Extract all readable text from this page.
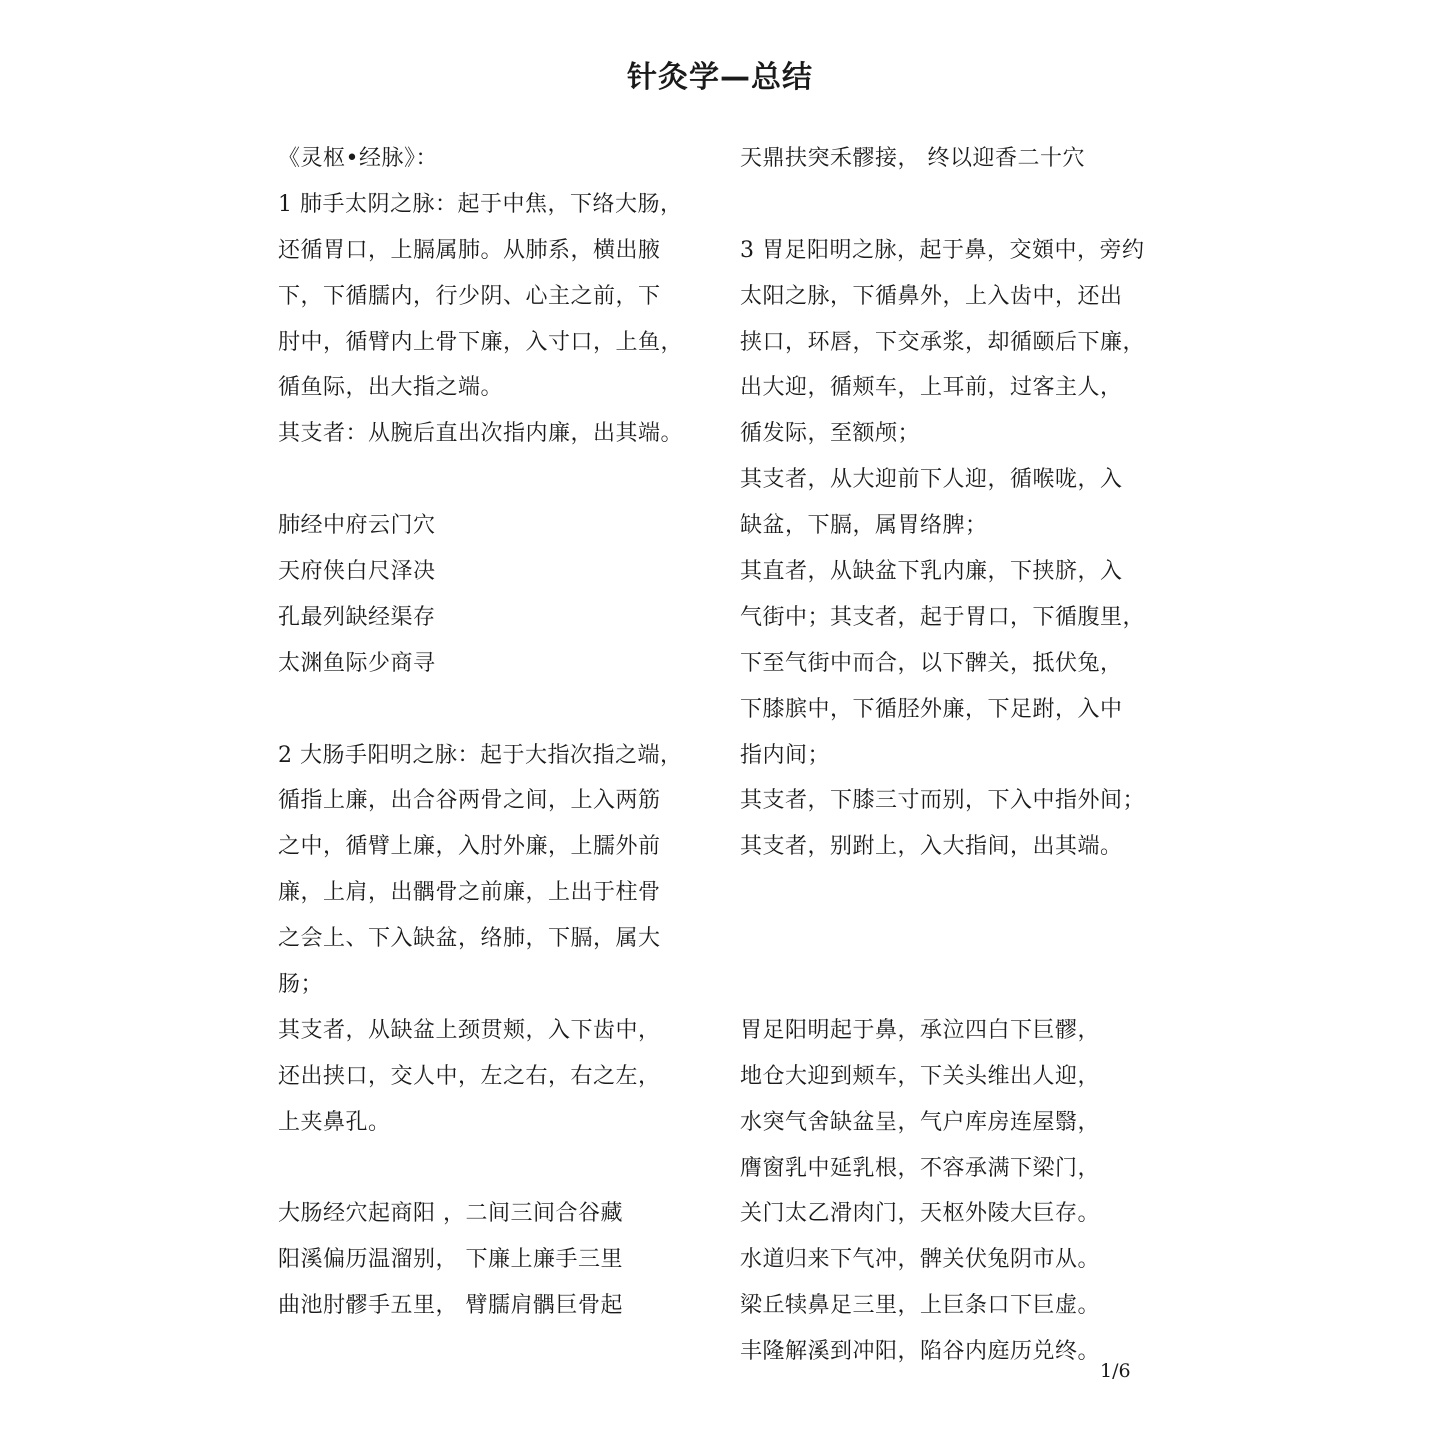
针灸学—总结
《灵枢•经脉》：
1 肺手太阴之脉：起于中焦，下络大肠，
还循胃口，上膈属肺。从肺系，横出腋
下，下循臑内，行少阴、心主之前，下
肘中，循臂内上骨下廉，入寸口，上鱼，
循鱼际，出大指之端。
其支者：从腕后直出次指内廉，出其端。
肺经中府云门穴
天府侠白尺泽决
孔最列缺经渠存
太渊鱼际少商寻
2 大肠手阳明之脉：起于大指次指之端，
循指上廉，出合谷两骨之间，上入两筋
之中，循臂上廉，入肘外廉，上臑外前
廉，上肩，出髃骨之前廉，上出于柱骨
之会上、下入缺盆，络肺，下膈，属大
肠；
其支者，从缺盆上颈贯颊，入下齿中，
还出挟口，交人中，左之右，右之左，
上夹鼻孔。
大肠经穴起商阳 ，二间三间合谷藏
阳溪偏历温溜别， 下廉上廉手三里
曲池肘髎手五里， 臂臑肩髃巨骨起
天鼎扶突禾髎接， 终以迎香二十穴
3 胃足阳明之脉，起于鼻，交頞中，旁约
太阳之脉，下循鼻外，上入齿中，还出
挟口，环唇，下交承浆，却循颐后下廉，
出大迎，循颊车，上耳前，过客主人，
循发际，至额颅；
其支者，从大迎前下人迎，循喉咙，入
缺盆，下膈，属胃络脾；
其直者，从缺盆下乳内廉，下挟脐，入
气街中；其支者，起于胃口，下循腹里，
下至气街中而合，以下髀关，抵伏兔，
下膝膑中，下循胫外廉，下足跗，入中
指内间；
其支者，下膝三寸而别，下入中指外间；
其支者，别跗上，入大指间，出其端。
胃足阳明起于鼻，承泣四白下巨髎，
地仓大迎到颊车，下关头维出人迎，
水突气舍缺盆呈，气户库房连屋翳，
膺窗乳中延乳根，不容承满下梁门，
关门太乙滑肉门，天枢外陵大巨存。
水道归来下气冲，髀关伏兔阴市从。
梁丘犊鼻足三里，上巨条口下巨虚。
丰隆解溪到冲阳，陷谷内庭历兑终。
1/6
